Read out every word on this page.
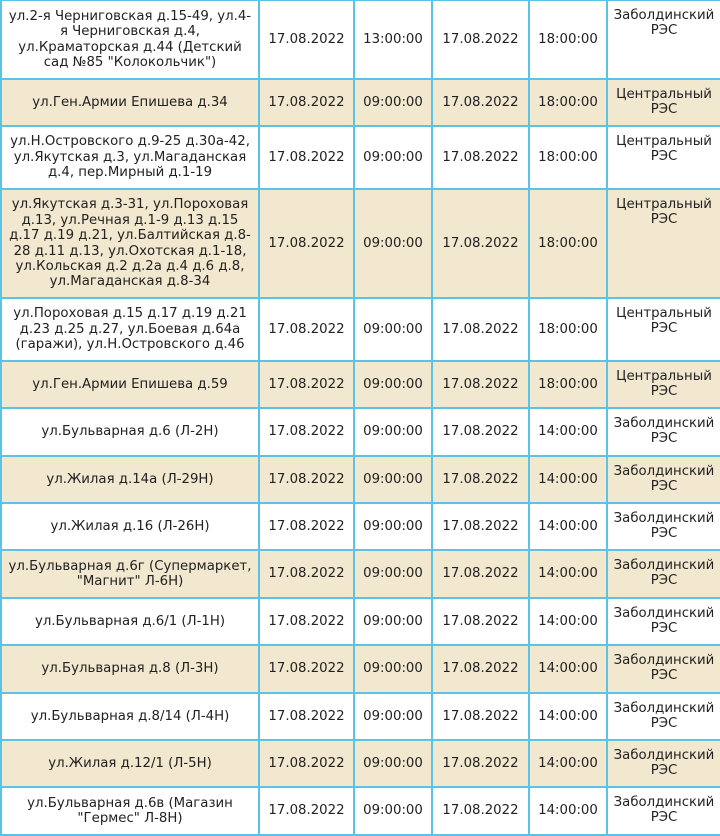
ул.2-я Черниговская д.15-49, ул.4-я Черниговская д.4, ул.Краматорская д.44 (Детский сад №85 "Колокольчик")	17.08.2022	13:00:00	17.08.2022	18:00:00	Заболдинский РЭС
ул.Ген.Армии Епишева д.34	17.08.2022	09:00:00	17.08.2022	18:00:00	Центральный РЭС
ул.Н.Островского д.9-25 д.30а-42, ул.Якутская д.3, ул.Магаданская д.4, пер.Мирный д.1-19	17.08.2022	09:00:00	17.08.2022	18:00:00	Центральный РЭС
ул.Якутская д.3-31, ул.Пороховая д.13, ул.Речная д.1-9 д.13 д.15 д.17 д.19 д.21, ул.Балтийская д.8-28 д.11 д.13, ул.Охотская д.1-18, ул.Кольская д.2 д.2а д.4 д.6 д.8, ул.Магаданская д.8-34	17.08.2022	09:00:00	17.08.2022	18:00:00	Центральный РЭС
ул.Пороховая д.15 д.17 д.19 д.21 д.23 д.25 д.27, ул.Боевая д.64а (гаражи), ул.Н.Островского д.46	17.08.2022	09:00:00	17.08.2022	18:00:00	Центральный РЭС
ул.Ген.Армии Епишева д.59	17.08.2022	09:00:00	17.08.2022	18:00:00	Центральный РЭС
ул.Бульварная д.6 (Л-2Н)	17.08.2022	09:00:00	17.08.2022	14:00:00	Заболдинский РЭС
ул.Жилая д.14а (Л-29Н)	17.08.2022	09:00:00	17.08.2022	14:00:00	Заболдинский РЭС
ул.Жилая д.16 (Л-26Н)	17.08.2022	09:00:00	17.08.2022	14:00:00	Заболдинский РЭС
ул.Бульварная д.6г (Супермаркет, "Магнит" Л-6Н)	17.08.2022	09:00:00	17.08.2022	14:00:00	Заболдинский РЭС
ул.Бульварная д.6/1 (Л-1Н)	17.08.2022	09:00:00	17.08.2022	14:00:00	Заболдинский РЭС
ул.Бульварная д.8 (Л-3Н)	17.08.2022	09:00:00	17.08.2022	14:00:00	Заболдинский РЭС
ул.Бульварная д.8/14 (Л-4Н)	17.08.2022	09:00:00	17.08.2022	14:00:00	Заболдинский РЭС
ул.Жилая д.12/1 (Л-5Н)	17.08.2022	09:00:00	17.08.2022	14:00:00	Заболдинский РЭС
ул.Бульварная д.6в (Магазин "Гермес" Л-8Н)	17.08.2022	09:00:00	17.08.2022	14:00:00	Заболдинский РЭС
